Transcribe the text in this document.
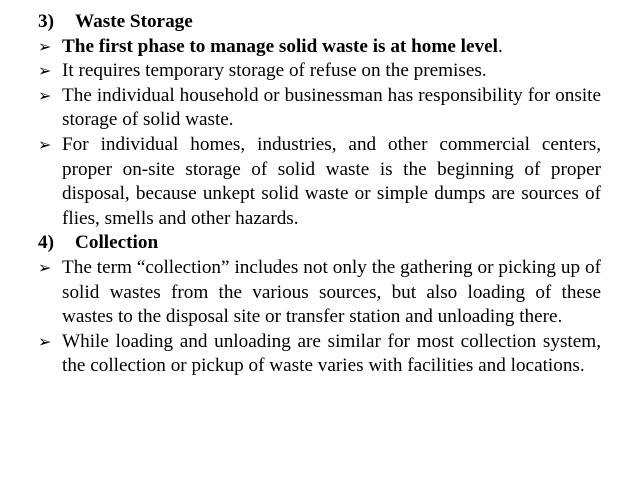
3)	Waste Storage
➢ The first phase to manage solid waste is at home level.
➢ It requires temporary storage of refuse on the premises.
➢ The individual household or businessman has responsibility for onsite storage of solid waste.
➢ For individual homes, industries, and other commercial centers, proper on-site storage of solid waste is the beginning of proper disposal, because unkept solid waste or simple dumps are sources of flies, smells and other hazards.
4)	Collection
➢ The term “collection” includes not only the gathering or picking up of solid wastes from the various sources, but also loading of these wastes to the disposal site or transfer station and unloading there.
➢ While loading and unloading are similar for most collection system, the collection or pickup of waste varies with facilities and locations.
